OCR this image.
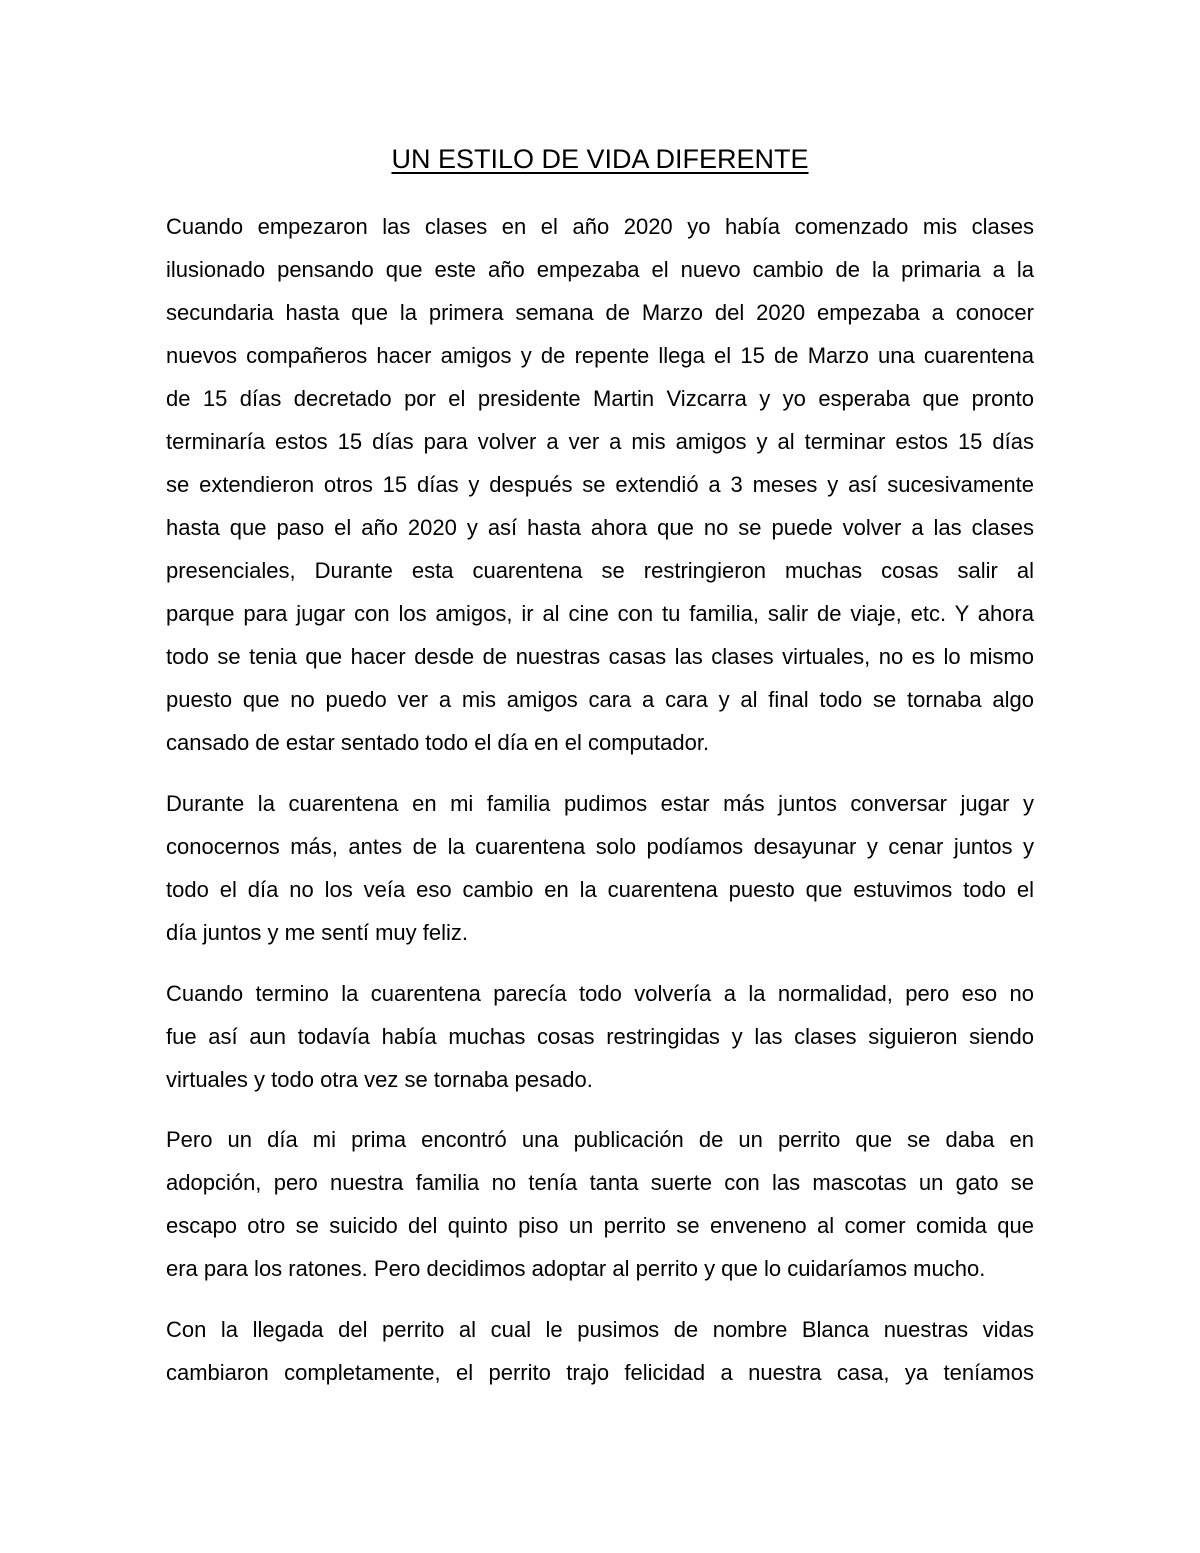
UN ESTILO DE VIDA DIFERENTE

Cuando empezaron las clases en el año 2020 yo había comenzado mis clases

ilusionado pensando que este año empezaba el nuevo cambio de la primaria a la

secundaria hasta que la primera semana de Marzo del 2020 empezaba a conocer

nuevos compañeros hacer amigos y de repente llega el 15 de Marzo una cuarentena

de 15 días decretado por el presidente Martin Vizcarra y yo esperaba que pronto

terminaría estos 15 días para volver a ver a mis amigos y al terminar estos 15 días

se extendieron otros 15 días y después se extendió a 3 meses y así sucesivamente

hasta que paso el año 2020 y así hasta ahora que no se puede volver a las clases

presenciales, Durante esta cuarentena se restringieron muchas cosas salir al

parque para jugar con los amigos, ir al cine con tu familia, salir de viaje, etc. Y ahora

todo se tenia que hacer desde de nuestras casas las clases virtuales, no es lo mismo

puesto que no puedo ver a mis amigos cara a cara y al final todo se tornaba algo

cansado de estar sentado todo el día en el computador.

Durante la cuarentena en mi familia pudimos estar más juntos conversar jugar y

conocernos más, antes de la cuarentena solo podíamos desayunar y cenar juntos y

todo el día no los veía eso cambio en la cuarentena puesto que estuvimos todo el

día juntos y me sentí muy feliz.

Cuando termino la cuarentena parecía todo volvería a la normalidad, pero eso no

fue así aun todavía había muchas cosas restringidas y las clases siguieron siendo

virtuales y todo otra vez se tornaba pesado.

Pero un día mi prima encontró una publicación de un perrito que se daba en

adopción, pero nuestra familia no tenía tanta suerte con las mascotas un gato se

escapo otro se suicido del quinto piso un perrito se enveneno al comer comida que

era para los ratones. Pero decidimos adoptar al perrito y que lo cuidaríamos mucho.

Con la llegada del perrito al cual le pusimos de nombre Blanca nuestras vidas

cambiaron completamente, el perrito trajo felicidad a nuestra casa, ya teníamos
